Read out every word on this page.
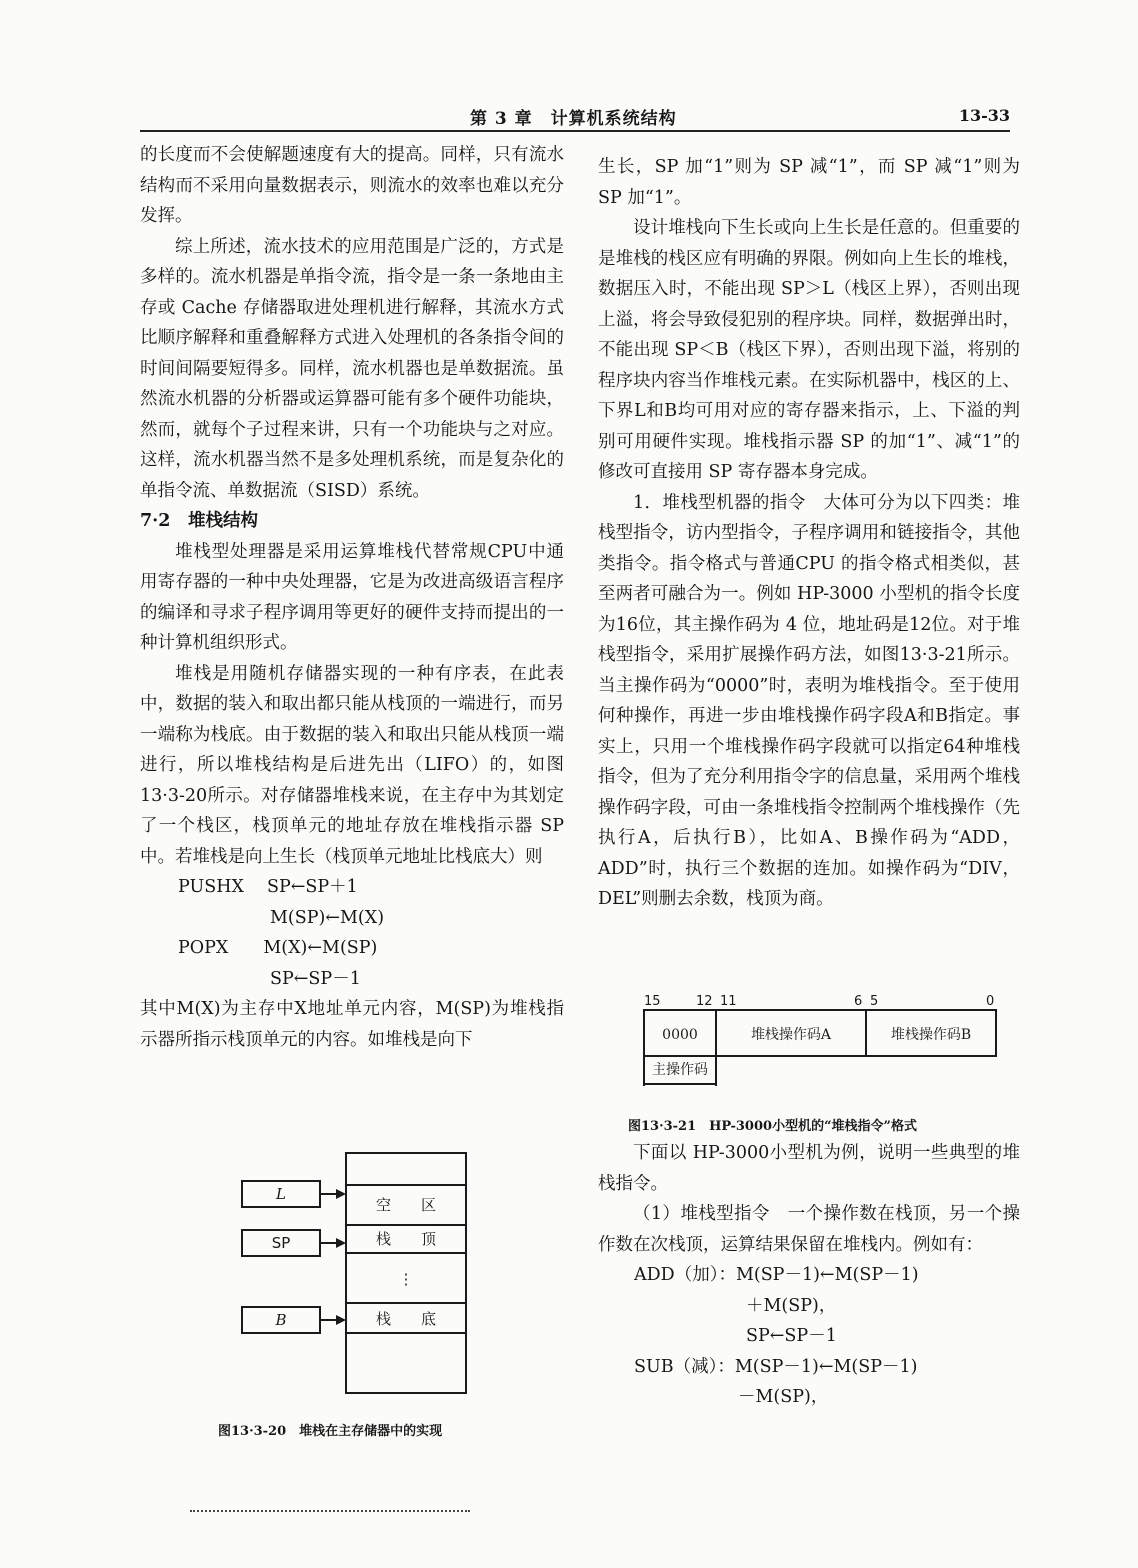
第 3 章　计算机系统结构	13-33

的长度而不会使解题速度有大的提高。同样，只有流水结构而不采用向量数据表示，则流水的效率也难以充分发挥。

综上所述，流水技术的应用范围是广泛的，方式是多样的。流水机器是单指令流，指令是一条一条地由主存或 Cache 存储器取进处理机进行解释，其流水方式比顺序解释和重叠解释方式进入处理机的各条指令间的时间间隔要短得多。同样，流水机器也是单数据流。虽然流水机器的分析器或运算器可能有多个硬件功能块，然而，就每个子过程来讲，只有一个功能块与之对应。这样，流水机器当然不是多处理机系统，而是复杂化的单指令流、单数据流（SISD）系统。

7·2　堆栈结构

堆栈型处理器是采用运算堆栈代替常规CPU中通用寄存器的一种中央处理器，它是为改进高级语言程序的编译和寻求子程序调用等更好的硬件支持而提出的一种计算机组织形式。

堆栈是用随机存储器实现的一种有序表，在此表中，数据的装入和取出都只能从栈顶的一端进行，而另一端称为栈底。由于数据的装入和取出只能从栈顶一端进行，所以堆栈结构是后进先出（LIFO）的，如图13·3-20所示。对存储器堆栈来说，在主存中为其划定了一个栈区，栈顶单元的地址存放在堆栈指示器 SP 中。若堆栈是向上生长（栈顶单元地址比栈底大）则

PUSHX　 SP←SP＋1

M(SP)←M(X)

POPX　　M(X)←M(SP)

SP←SP－1

其中M(X)为主存中X地址单元内容，M(SP)为堆栈指示器所指示栈顶单元的内容。如堆栈是向下

L
SP
B
空　　区
栈　　顶
⋮
栈　　底
图13·3-20　堆栈在主存储器中的实现

生长，SP 加“1”则为 SP 减“1”，而 SP 减“1”则为 SP 加“1”。

设计堆栈向下生长或向上生长是任意的。但重要的是堆栈的栈区应有明确的界限。例如向上生长的堆栈，数据压入时，不能出现 SP＞L（栈区上界），否则出现上溢，将会导致侵犯别的程序块。同样，数据弹出时，不能出现 SP＜B（栈区下界），否则出现下溢，将别的程序块内容当作堆栈元素。在实际机器中，栈区的上、下界L和B均可用对应的寄存器来指示，上、下溢的判别可用硬件实现。堆栈指示器 SP 的加“1”、减“1”的修改可直接用 SP 寄存器本身完成。

1．堆栈型机器的指令　大体可分为以下四类：堆栈型指令，访内型指令，子程序调用和链接指令，其他类指令。指令格式与普通CPU 的指令格式相类似，甚至两者可融合为一。例如 HP-3000 小型机的指令长度为16位，其主操作码为 4 位，地址码是12位。对于堆栈型指令，采用扩展操作码方法，如图13·3-21所示。当主操作码为“0000”时，表明为堆栈指令。至于使用何种操作，再进一步由堆栈操作码字段A和B指定。事实上，只用一个堆栈操作码字段就可以指定64种堆栈指令，但为了充分利用指令字的信息量，采用两个堆栈操作码字段，可由一条堆栈指令控制两个堆栈操作（先执行A，后执行B），比如A、B操作码为“ADD，ADD”时，执行三个数据的连加。如操作码为“DIV，DEL”则删去余数，栈顶为商。

15	12 11	6 5	0
0000	堆栈操作码A	堆栈操作码B
主操作码
图13·3-21　HP-3000小型机的“堆栈指令”格式

下面以 HP-3000小型机为例，说明一些典型的堆栈指令。

（1）堆栈型指令　一个操作数在栈顶，另一个操作数在次栈顶，运算结果保留在堆栈内。例如有：

ADD（加）：M(SP－1)←M(SP－1)

＋M(SP)，

SP←SP－1

SUB（减）：M(SP－1)←M(SP－1)

－M(SP)，
